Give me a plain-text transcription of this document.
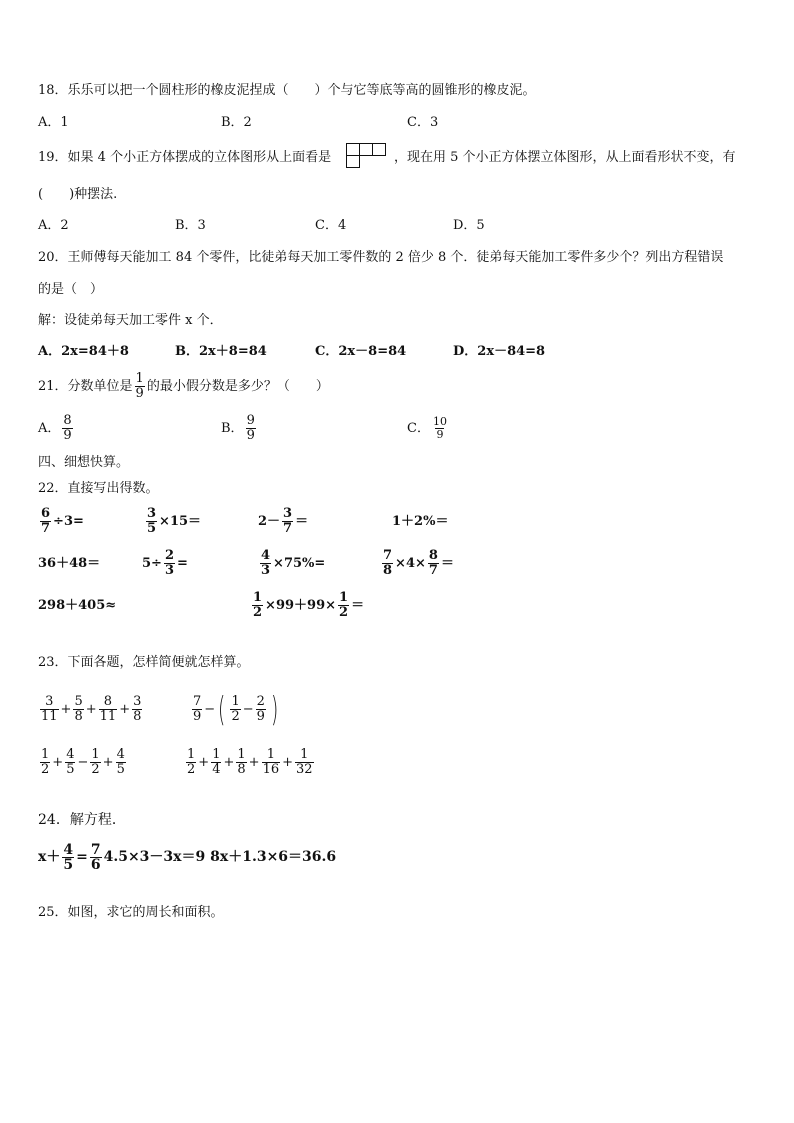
18．乐乐可以把一个圆柱形的橡皮泥捏成（　　）个与它等底等高的圆锥形的橡皮泥。
A．1	B．2	C．3
19．如果 4 个小正方体摆成的立体图形从上面看是	，现在用 5 个小正方体摆立体图形，从上面看形状不变，有
(　　)种摆法.
A．2	B．3	C．4	D．5
20．王师傅每天能加工 84 个零件，比徒弟每天加工零件数的 2 倍少 8 个．徒弟每天能加工零件多少个？列出方程错误
的是（　）
解：设徒弟每天加工零件 x 个．
A．2x=84＋8	B．2x＋8=84	C．2x－8=84	D．2x－84=8
21．分数单位是 $\frac{1}{9}$ 的最小假分数是多少？（　　）
A． $\frac{8}{9}$	B． $\frac{9}{9}$	C． $\frac{10}{9}$
四、细想快算。
22．直接写出得数。
$\frac{6}{7} \div 3=$	$\frac{3}{5} \times 15=$	$2- \frac{3}{7}$ ＝	1＋2%＝
36＋48＝	$5\div \frac{2}{3}$ =	$\frac{4}{3} \times 75\%=$	$\frac{7}{8} \times 4\times \frac{8}{7}$ ＝
298＋405≈	$\frac{1}{2} \times 99+99\times \frac{1}{2}$ ＝
23．下面各题，怎样简便就怎样算。
$\frac{3}{11} + \frac{5}{8} + \frac{8}{11} + \frac{3}{8}$	$\frac{7}{9}$ −( $\frac{1}{2} - \frac{2}{9}$ )
$\frac{1}{2} + \frac{4}{5} - \frac{1}{2} + \frac{4}{5}$	$\frac{1}{2} + \frac{1}{4} + \frac{1}{8} + \frac{1}{16} + \frac{1}{32}$
24．解方程．
$x+ \frac{4}{5} = \frac{7}{6} 4.5\times 3-3x=9$ 8x＋1.3×6＝36.6
25．如图，求它的周长和面积。
